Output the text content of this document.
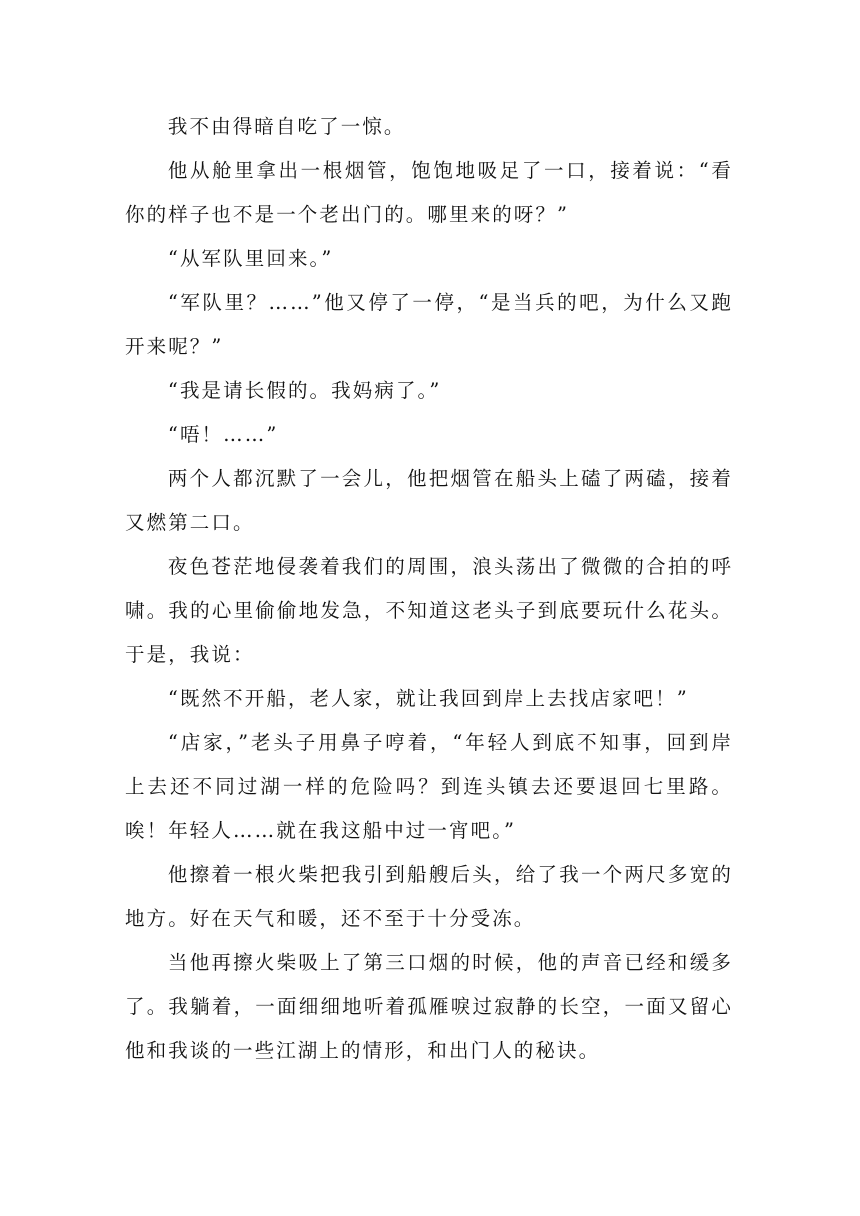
我不由得暗自吃了一惊。

他从舱里拿出一根烟管，饱饱地吸足了一口，接着说：“看你的样子也不是一个老出门的。哪里来的呀？”

“从军队里回来。”

“军队里？……”他又停了一停，“是当兵的吧，为什么又跑开来呢？”

“我是请长假的。我妈病了。”

“唔！……”

两个人都沉默了一会儿，他把烟管在船头上磕了两磕，接着又燃第二口。

夜色苍茫地侵袭着我们的周围，浪头荡出了微微的合拍的呼啸。我的心里偷偷地发急，不知道这老头子到底要玩什么花头。于是，我说：

“既然不开船，老人家，就让我回到岸上去找店家吧！”

“店家，”老头子用鼻子哼着，“年轻人到底不知事，回到岸上去还不同过湖一样的危险吗？到连头镇去还要退回七里路。唉！年轻人……就在我这船中过一宵吧。”

他擦着一根火柴把我引到船艘后头，给了我一个两尺多宽的地方。好在天气和暖，还不至于十分受冻。

当他再擦火柴吸上了第三口烟的时候，他的声音已经和缓多了。我躺着，一面细细地听着孤雁唳过寂静的长空，一面又留心他和我谈的一些江湖上的情形，和出门人的秘诀。
